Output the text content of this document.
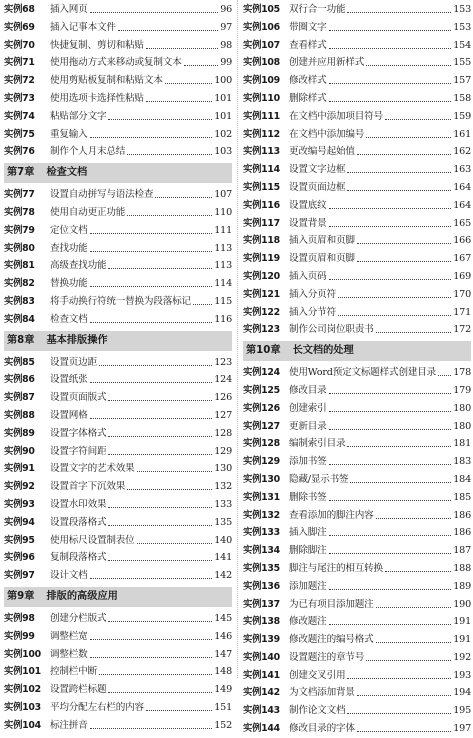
实例68 插入网页	96
实例69 插入记事本文件	97
实例70 快捷复制、剪切和粘贴	98
实例71 使用拖动方式来移动或复制文本	99
实例72 使用剪贴板复制和粘贴文本	100
实例73 使用选项卡选择性粘贴	101
实例74 粘贴部分文字	101
实例75 重复输入	102
实例76 制作个人月末总结	103
第7章 检查文档
实例77 设置自动拼写与语法检查	107
实例78 使用自动更正功能	110
实例79 定位文档	111
实例80 查找功能	113
实例81 高级查找功能	113
实例82 替换功能	114
实例83 将手动换行符统一替换为段落标记 115
实例84 检查文档	116
第8章 基本排版操作
实例85 设置页边距	123
实例86 设置纸张	124
实例87 设置页面版式	126
实例88 设置网格	127
实例89 设置字体格式	128
实例90 设置字符间距	129
实例91 设置文字的艺术效果	130
实例92 设置首字下沉效果	132
实例93 设置水印效果	133
实例94 设置段落格式	135
实例95 使用标尺设置制表位	140
实例96 复制段落格式	141
实例97 设计文档	142
第9章 排版的高级应用
实例98 创建分栏版式	145
实例99 调整栏宽	146
实例100 调整栏数	147
实例101 控制栏中断	148
实例102 设置跨栏标题	149
实例103 平均分配左右栏的内容	151
实例104 标注拼音	152
实例105 双行合一功能	153
实例106 带圈文字	153
实例107 查看样式	154
实例108 创建并应用新样式	155
实例109 修改样式	157
实例110 删除样式	158
实例111 在文档中添加项目符号	159
实例112 在文档中添加编号	161
实例113 更改编号起始值	162
实例114 设置文字边框	163
实例115 设置页面边框	164
实例116 设置底纹	164
实例117 设置背景	165
实例118 插入页眉和页脚	166
实例119 设置页眉和页脚	167
实例120 插入页码	169
实例121 插入分页符	170
实例122 插入分节符	171
实例123 制作公司岗位职责书	172
第10章 长文档的处理
实例124 使用Word预定文标题样式创建目录 178
实例125 修改目录	179
实例126 创建索引	180
实例127 更新目录	180
实例128 编制索引目录	181
实例129 添加书签	183
实例130 隐藏/显示书签	184
实例131 删除书签	185
实例132 查看添加的脚注内容	186
实例133 插入脚注	186
实例134 删除脚注	187
实例135 脚注与尾注的相互转换	188
实例136 添加题注	189
实例137 为已有项目添加题注	190
实例138 修改题注	191
实例139 修改题注的编号格式	191
实例140 设置题注的章节号	192
实例141 创建交叉引用	193
实例142 为文档添加背景	194
实例143 制作论文文档	195
实例144 修改目录的字体	197
